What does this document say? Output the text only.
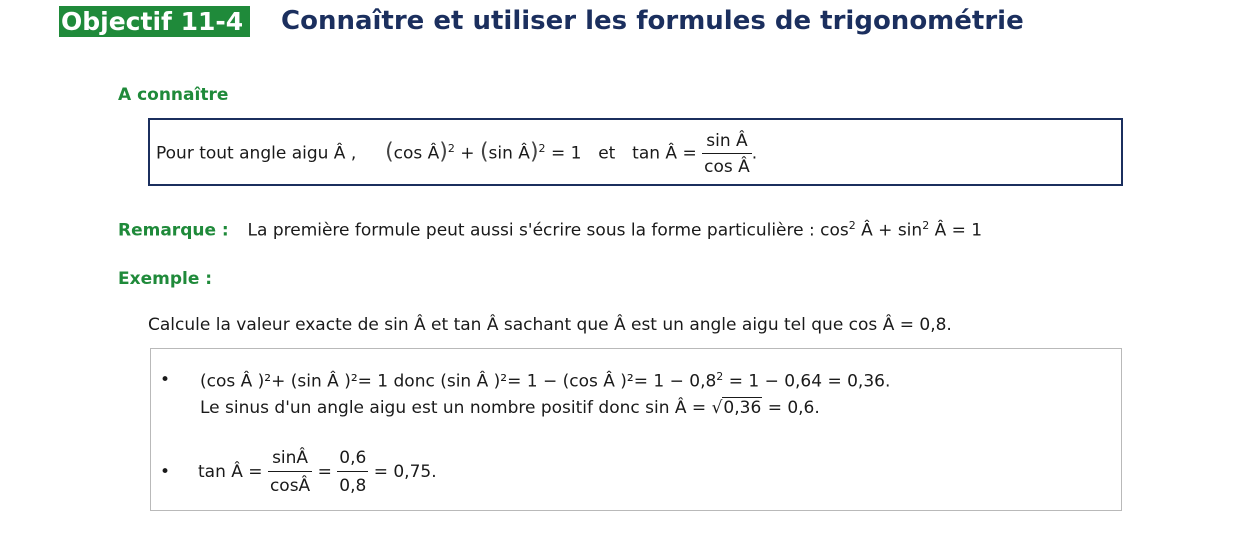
Objectif 11-4 Connaître et utiliser les formules de trigonométrie
A connaître
Pour tout angle aigu Â , (cos Â)$^2$ + (sin Â)$^2$ = 1 et tan Â = $\frac{\text{sin Â}}{\text{cos Â}}$ .
Remarque : La première formule peut aussi s'écrire sous la forme particulière : $\cos^2$ Â + $\sin^2$ Â = 1
Exemple :
Calcule la valeur exacte de sin Â et tan Â sachant que Â est un angle aigu tel que cos Â = 0,8.
• (cos Â )²+ (sin Â )²= 1 donc (sin Â )²= 1 − (cos Â )$^2= 1 - 0,8^2 = 1 - 0,64 = 0,36$.
Le sinus d'un angle aigu est un nombre positif donc sin Â = √0,36 = 0,6.
• tan Â = $\frac{\sin Â}{\cos Â} = \frac{0,6}{0,8} = 0,75$.
